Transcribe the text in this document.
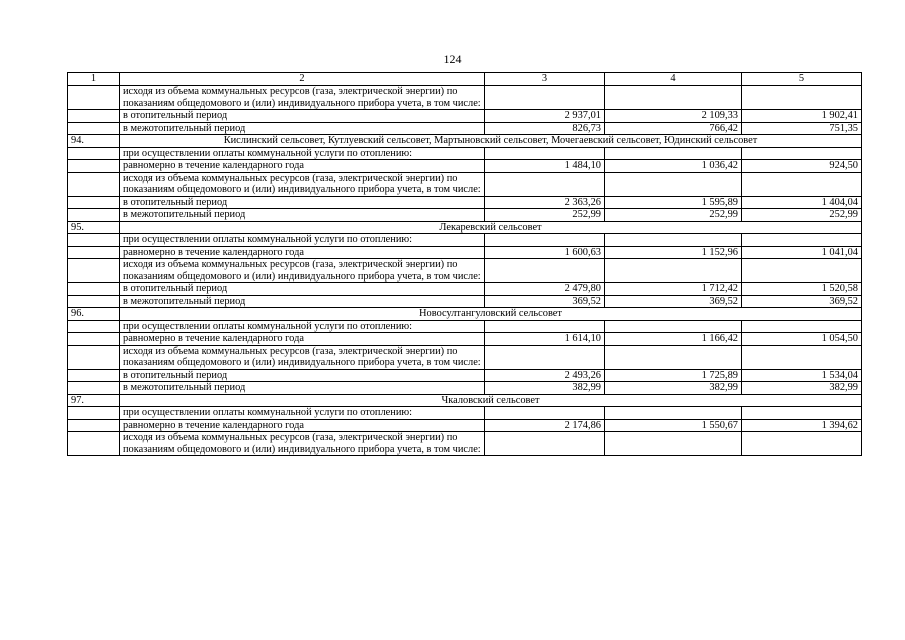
124
1	2	3	4	5
	исходя из объема коммунальных ресурсов (газа, электрической энергии) по показаниям общедомового и (или) индивидуального прибора учета, в том числе:			
	в отопительный период	2 937,01	2 109,33	1 902,41
	в межотопительный период	826,73	766,42	751,35
94.	Кислинский сельсовет, Кутлуевский сельсовет, Мартыновский сельсовет, Мочегаевский сельсовет, Юдинский сельсовет			
	при осуществлении оплаты коммунальной услуги по отоплению:			
	равномерно в течение календарного года	1 484,10	1 036,42	924,50
	исходя из объема коммунальных ресурсов (газа, электрической энергии) по показаниям общедомового и (или) индивидуального прибора учета, в том числе:			
	в отопительный период	2 363,26	1 595,89	1 404,04
	в межотопительный период	252,99	252,99	252,99
95.	Лекаревский сельсовет			
	при осуществлении оплаты коммунальной услуги по отоплению:			
	равномерно в течение календарного года	1 600,63	1 152,96	1 041,04
	исходя из объема коммунальных ресурсов (газа, электрической энергии) по показаниям общедомового и (или) индивидуального прибора учета, в том числе:			
	в отопительный период	2 479,80	1 712,42	1 520,58
	в межотопительный период	369,52	369,52	369,52
96.	Новосултангуловский сельсовет			
	при осуществлении оплаты коммунальной услуги по отоплению:			
	равномерно в течение календарного года	1 614,10	1 166,42	1 054,50
	исходя из объема коммунальных ресурсов (газа, электрической энергии) по показаниям общедомового и (или) индивидуального прибора учета, в том числе:			
	в отопительный период	2 493,26	1 725,89	1 534,04
	в межотопительный период	382,99	382,99	382,99
97.	Чкаловский сельсовет			
	при осуществлении оплаты коммунальной услуги по отоплению:			
	равномерно в течение календарного года	2 174,86	1 550,67	1 394,62
	исходя из объема коммунальных ресурсов (газа, электрической энергии) по показаниям общедомового и (или) индивидуального прибора учета, в том числе:			
